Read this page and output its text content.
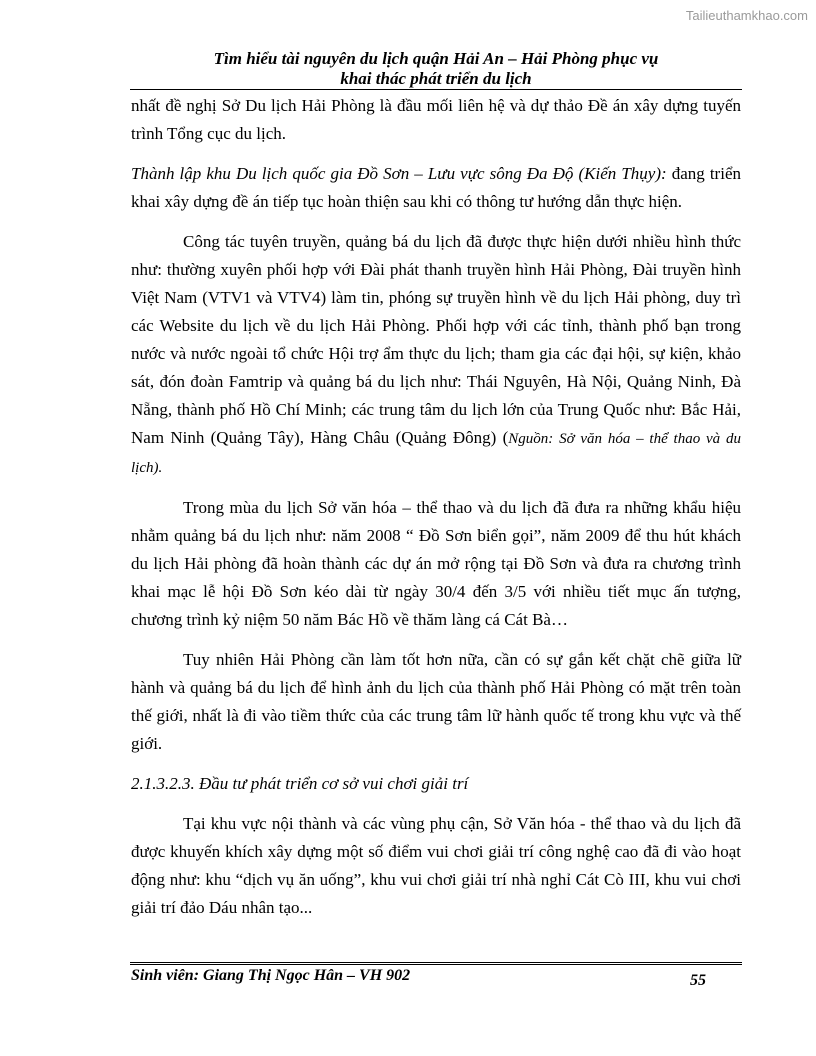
Tailieuthamkhao.com
Tìm hiểu tài nguyên du lịch quận Hải An – Hải Phòng phục vụ
khai thác phát triển du lịch

nhất đề nghị Sở Du lịch Hải Phòng là đầu mối liên hệ và dự thảo Đề án xây dựng tuyến trình Tổng cục du lịch.

Thành lập khu Du lịch quốc gia Đồ Sơn – Lưu vực sông Đa Độ (Kiến Thụy): đang triển khai xây dựng đề án tiếp tục hoàn thiện sau khi có thông tư hướng dẫn thực hiện.

Công tác tuyên truyền, quảng bá du lịch đã được thực hiện dưới nhiều hình thức như: thường xuyên phối hợp với Đài phát thanh truyền hình Hải Phòng, Đài truyền hình Việt Nam (VTV1 và VTV4) làm tin, phóng sự truyền hình về du lịch Hải phòng, duy trì các Website du lịch về du lịch Hải Phòng. Phối hợp với các tỉnh, thành phố bạn trong nước và nước ngoài tổ chức Hội trợ ẩm thực du lịch; tham gia các đại hội, sự kiện, khảo sát, đón đoàn Famtrip và quảng bá du lịch như: Thái Nguyên, Hà Nội, Quảng Ninh, Đà Nẵng, thành phố Hồ Chí Minh; các trung tâm du lịch lớn của Trung Quốc như: Bắc Hải, Nam Ninh (Quảng Tây), Hàng Châu (Quảng Đông) (Nguồn: Sở văn hóa – thể thao và du lịch).

Trong mùa du lịch Sở văn hóa – thể thao và du lịch đã đưa ra những khẩu hiệu nhằm quảng bá du lịch như: năm 2008 “ Đồ Sơn biển gọi”, năm 2009 để thu hút khách du lịch Hải phòng đã hoàn thành các dự án mở rộng tại Đồ Sơn và đưa ra chương trình khai mạc lễ hội Đồ Sơn kéo dài từ ngày 30/4 đến 3/5 với nhiều tiết mục ấn tượng, chương trình kỷ niệm 50 năm Bác Hồ về thăm làng cá Cát Bà…

Tuy nhiên Hải Phòng cần làm tốt hơn nữa, cần có sự gắn kết chặt chẽ giữa lữ hành và quảng bá du lịch để hình ảnh du lịch của thành phố Hải Phòng có mặt trên toàn thế giới, nhất là đi vào tiềm thức của các trung tâm lữ hành quốc tế trong khu vực và thế giới.

2.1.3.2.3. Đầu tư phát triển cơ sở vui chơi giải trí

Tại khu vực nội thành và các vùng phụ cận, Sở Văn hóa - thể thao và du lịch đã được khuyến khích xây dựng một số điểm vui chơi giải trí công nghệ cao đã đi vào hoạt động như: khu “dịch vụ ăn uống”, khu vui chơi giải trí nhà nghỉ Cát Cò III, khu vui chơi giải trí đảo Dáu nhân tạo...

Sinh viên: Giang Thị Ngọc Hân – VH 902	55
